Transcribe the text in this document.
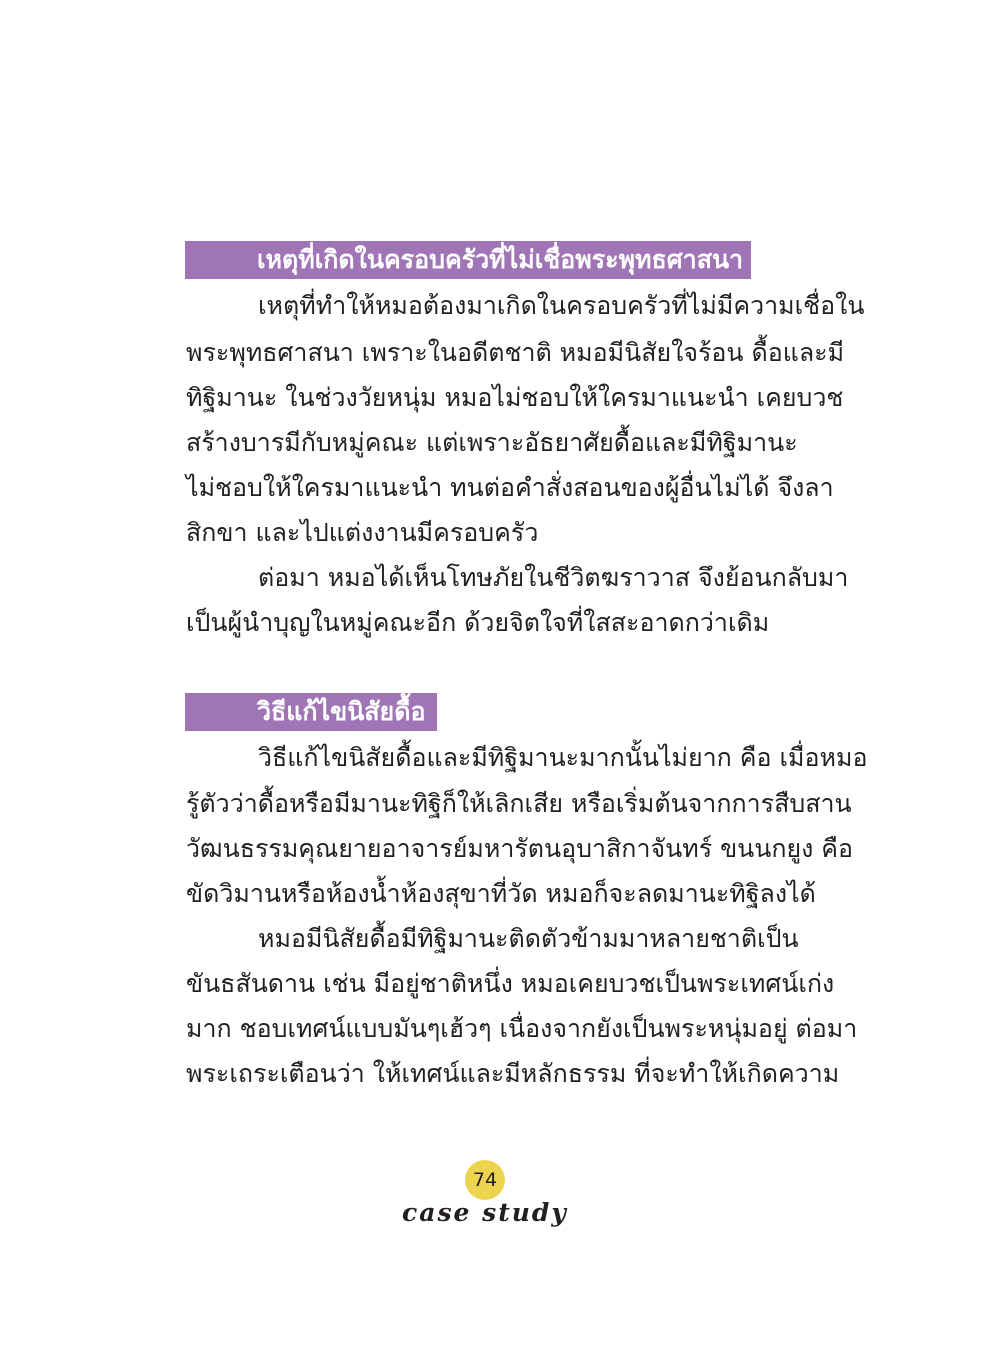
เหตุที่เกิดในครอบครัวที่ไม่เชื่อพระพุทธศาสนา
เหตุที่ทำให้หมอต้องมาเกิดในครอบครัวที่ไม่มีความเชื่อใน
พระพุทธศาสนา เพราะในอดีตชาติ หมอมีนิสัยใจร้อน ดื้อและมี
ทิฐิมานะ ในช่วงวัยหนุ่ม หมอไม่ชอบให้ใครมาแนะนำ เคยบวช
สร้างบารมีกับหมู่คณะ แต่เพราะอัธยาศัยดื้อและมีทิฐิมานะ
ไม่ชอบให้ใครมาแนะนำ ทนต่อคำสั่งสอนของผู้อื่นไม่ได้ จึงลา
สิกขา และไปแต่งงานมีครอบครัว
ต่อมา หมอได้เห็นโทษภัยในชีวิตฆราวาส จึงย้อนกลับมา
เป็นผู้นำบุญในหมู่คณะอีก ด้วยจิตใจที่ใสสะอาดกว่าเดิม
วิธีแก้ไขนิสัยดื้อ
วิธีแก้ไขนิสัยดื้อและมีทิฐิมานะมากนั้นไม่ยาก คือ เมื่อหมอ
รู้ตัวว่าดื้อหรือมีมานะทิฐิก็ให้เลิกเสีย หรือเริ่มต้นจากการสืบสาน
วัฒนธรรมคุณยายอาจารย์มหารัตนอุบาสิกาจันทร์ ขนนกยูง คือ
ขัดวิมานหรือห้องน้ำห้องสุขาที่วัด หมอก็จะลดมานะทิฐิลงได้
หมอมีนิสัยดื้อมีทิฐิมานะติดตัวข้ามมาหลายชาติเป็น
ขันธสันดาน เช่น มีอยู่ชาติหนึ่ง หมอเคยบวชเป็นพระเทศน์เก่ง
มาก ชอบเทศน์แบบมันๆเฮ้วๆ เนื่องจากยังเป็นพระหนุ่มอยู่ ต่อมา
พระเถระเตือนว่า ให้เทศน์และมีหลักธรรม ที่จะทำให้เกิดความ
74
case study
